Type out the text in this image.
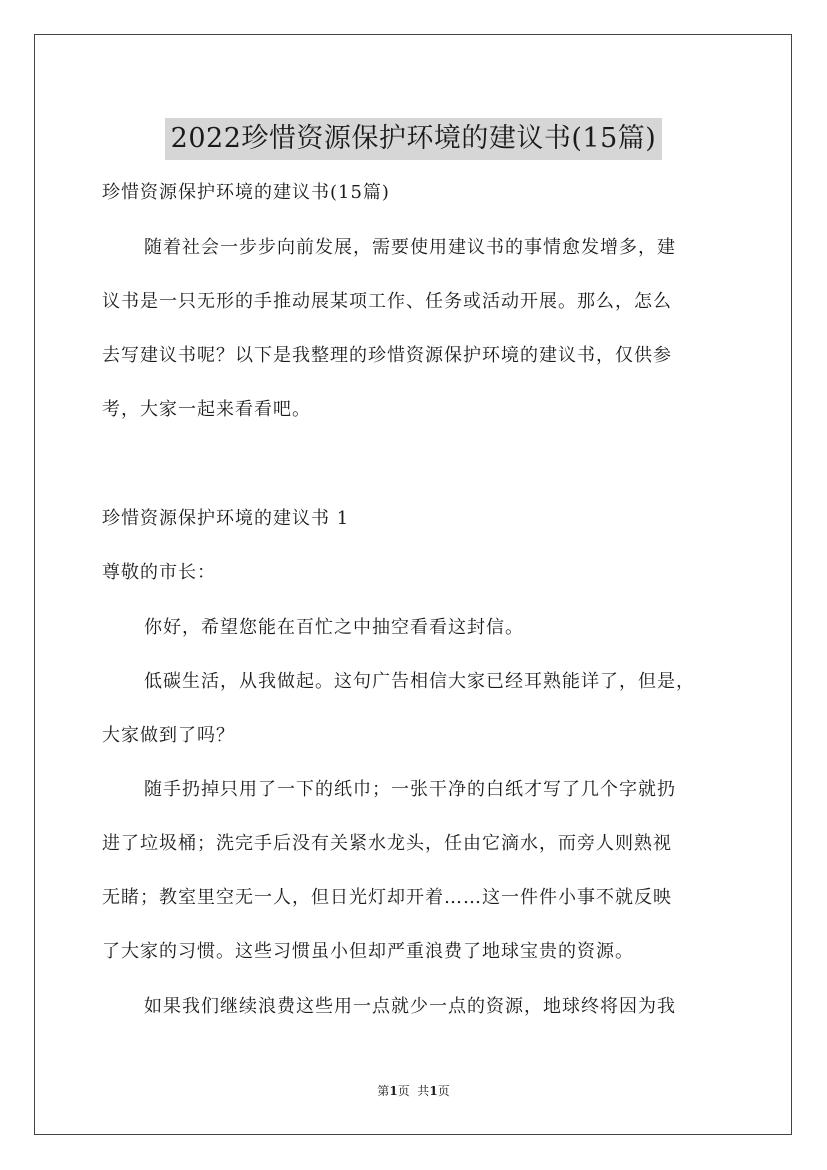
2022珍惜资源保护环境的建议书(15篇)
珍惜资源保护环境的建议书(15篇)
随着社会一步步向前发展，需要使用建议书的事情愈发增多，建
议书是一只无形的手推动展某项工作、任务或活动开展。那么，怎么
去写建议书呢？以下是我整理的珍惜资源保护环境的建议书，仅供参
考，大家一起来看看吧。
珍惜资源保护环境的建议书 1
尊敬的市长：
你好，希望您能在百忙之中抽空看看这封信。
低碳生活，从我做起。这句广告相信大家已经耳熟能详了，但是，
大家做到了吗？
随手扔掉只用了一下的纸巾；一张干净的白纸才写了几个字就扔
进了垃圾桶；洗完手后没有关紧水龙头，任由它滴水，而旁人则熟视
无睹；教室里空无一人，但日光灯却开着……这一件件小事不就反映
了大家的习惯。这些习惯虽小但却严重浪费了地球宝贵的资源。
如果我们继续浪费这些用一点就少一点的资源，地球终将因为我
第1页  共1页
